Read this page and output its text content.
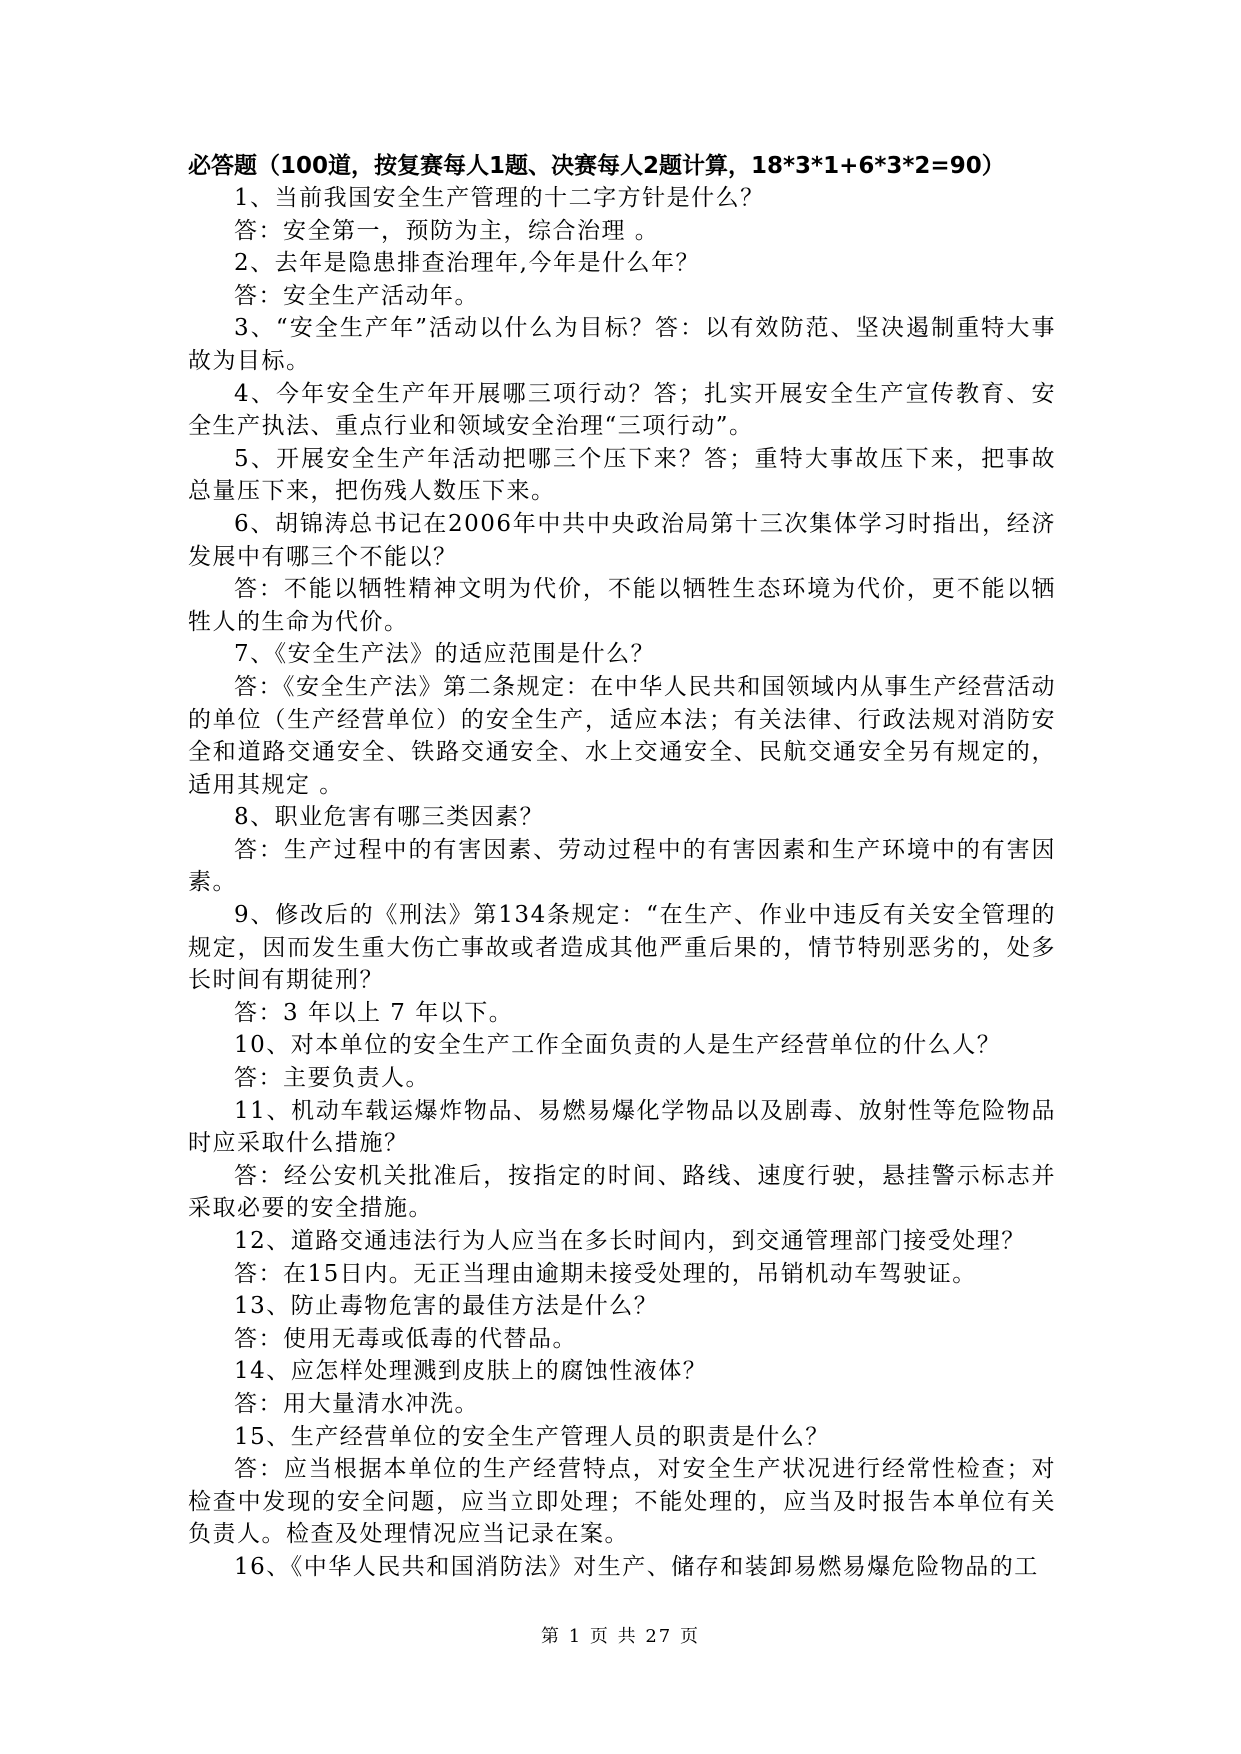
必答题（100道，按复赛每人1题、决赛每人2题计算，18*3*1+6*3*2=90）

1、当前我国安全生产管理的十二字方针是什么？

答：安全第一，预防为主，综合治理 。

2、去年是隐患排查治理年,今年是什么年？

答：安全生产活动年。

3、“安全生产年”活动以什么为目标？答：以有效防范、坚决遏制重特大事故为目标。

4、今年安全生产年开展哪三项行动？答；扎实开展安全生产宣传教育、安全生产执法、重点行业和领域安全治理“三项行动”。

5、开展安全生产年活动把哪三个压下来？答；重特大事故压下来，把事故总量压下来，把伤残人数压下来。

6、胡锦涛总书记在2006年中共中央政治局第十三次集体学习时指出，经济发展中有哪三个不能以？

答：不能以牺牲精神文明为代价，不能以牺牲生态环境为代价，更不能以牺牲人的生命为代价。

7、《安全生产法》的适应范围是什么？

答：《安全生产法》第二条规定：在中华人民共和国领域内从事生产经营活动的单位（生产经营单位）的安全生产，适应本法；有关法律、行政法规对消防安全和道路交通安全、铁路交通安全、水上交通安全、民航交通安全另有规定的，适用其规定 。

8、职业危害有哪三类因素？

答：生产过程中的有害因素、劳动过程中的有害因素和生产环境中的有害因素。

9、修改后的《刑法》第134条规定：“在生产、作业中违反有关安全管理的规定，因而发生重大伤亡事故或者造成其他严重后果的，情节特别恶劣的，处多长时间有期徒刑？

答：3 年以上 7 年以下。

10、对本单位的安全生产工作全面负责的人是生产经营单位的什么人？

答：主要负责人。

11、机动车载运爆炸物品、易燃易爆化学物品以及剧毒、放射性等危险物品时应采取什么措施？

答：经公安机关批准后，按指定的时间、路线、速度行驶，悬挂警示标志并采取必要的安全措施。

12、道路交通违法行为人应当在多长时间内，到交通管理部门接受处理？

答：在15日内。无正当理由逾期未接受处理的，吊销机动车驾驶证。

13、防止毒物危害的最佳方法是什么？

答：使用无毒或低毒的代替品。

14、应怎样处理溅到皮肤上的腐蚀性液体？

答：用大量清水冲洗。

15、生产经营单位的安全生产管理人员的职责是什么？

答：应当根据本单位的生产经营特点，对安全生产状况进行经常性检查；对检查中发现的安全问题，应当立即处理；不能处理的，应当及时报告本单位有关负责人。检查及处理情况应当记录在案。

16、《中华人民共和国消防法》对生产、储存和装卸易燃易爆危险物品的工

第 1 页 共 27 页
